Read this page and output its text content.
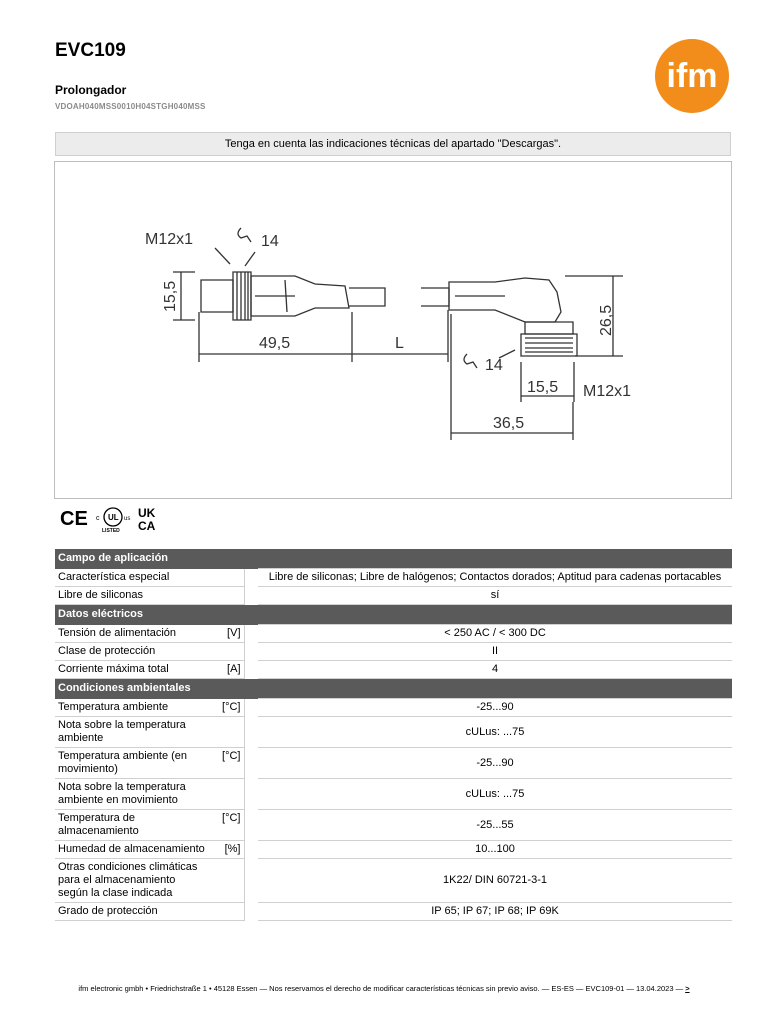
EVC109
Prolongador
VDOAH040MSS0010H04STGH040MSS
ifm
Tenga en cuenta las indicaciones técnicas del apartado "Descargas".
M12x1	14
15,5
49,5	L
26,5
14
15,5 M12x1
36,5
CE c UL us
LISTED
UK
CA
Campo de aplicación			
Característica especial			Libre de siliconas; Libre de halógenos; Contactos dorados; Aptitud para cadenas portacables
Libre de siliconas			sí
Datos eléctricos			
Tensión de alimentación	[V]		< 250 AC / < 300 DC
Clase de protección			II
Corriente máxima total	[A]		4
Condiciones ambientales			
Temperatura ambiente	[°C]		-25...90
Nota sobre la temperatura ambiente			cULus: ...75
Temperatura ambiente (en movimiento)	[°C]		-25...90
Nota sobre la temperatura ambiente en movimiento			cULus: ...75
Temperatura de almacenamiento	[°C]		-25...55
Humedad de almacenamiento	[%]		10...100
Otras condiciones climáticas para el almacenamiento según la clase indicada			1K22/ DIN 60721-3-1
Grado de protección			IP 65; IP 67; IP 68; IP 69K
ifm electronic gmbh • Friedrichstraße 1 • 45128 Essen — Nos reservamos el derecho de modificar características técnicas sin previo aviso. — ES-ES — EVC109-01 — 13.04.2023 — >
